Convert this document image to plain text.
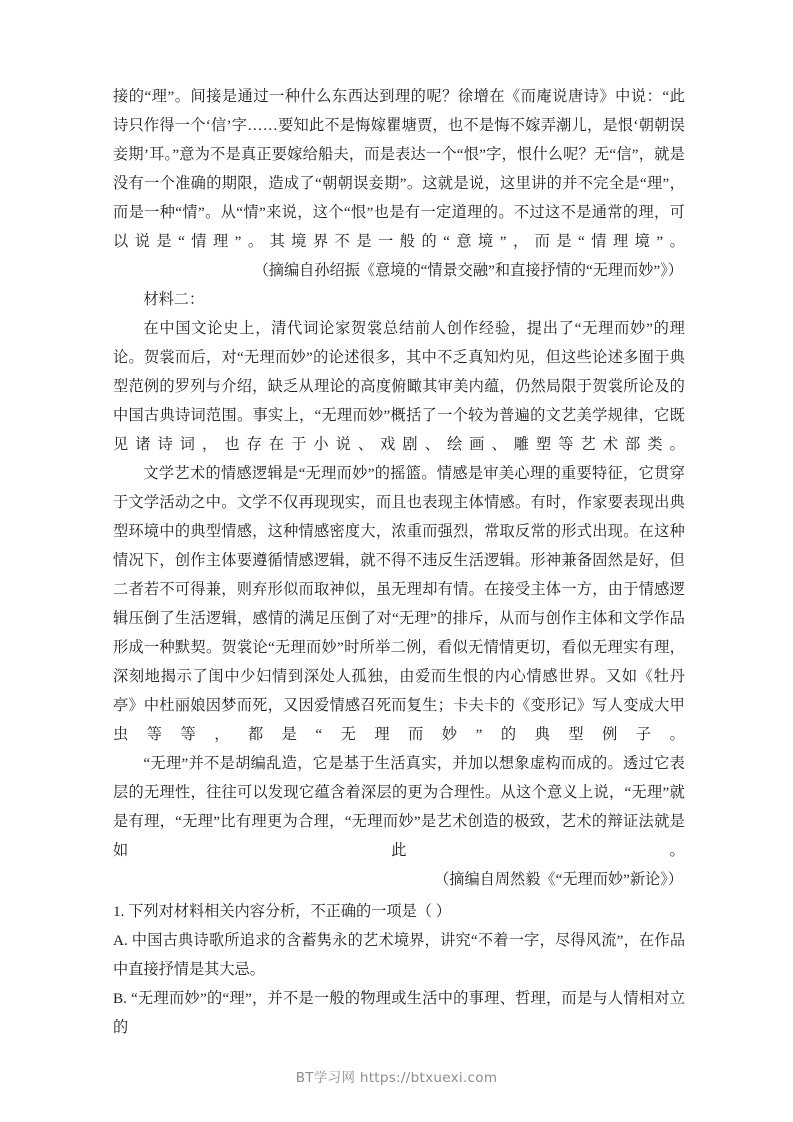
接的“理”。间接是通过一种什么东西达到理的呢？徐增在《而庵说唐诗》中说：“此诗只作得一个‘信’字……要知此不是悔嫁瞿塘贾，也不是悔不嫁弄潮儿，是恨‘朝朝误妾期’耳。”意为不是真正要嫁给船夫，而是表达一个“恨”字，恨什么呢？无“信”，就是没有一个准确的期限，造成了“朝朝误妾期”。这就是说，这里讲的并不完全是“理”，而是一种“情”。从“情”来说，这个“恨”也是有一定道理的。不过这不是通常的理，可以说是“情理”。其境界不是一般的“意境”，而是“情理境”。

（摘编自孙绍振《意境的“情景交融”和直接抒情的“无理而妙”》）

材料二：

在中国文论史上，清代词论家贺裳总结前人创作经验，提出了“无理而妙”的理论。贺裳而后，对“无理而妙”的论述很多，其中不乏真知灼见，但这些论述多囿于典型范例的罗列与介绍，缺乏从理论的高度俯瞰其审美内蕴，仍然局限于贺裳所论及的中国古典诗词范围。事实上，“无理而妙”概括了一个较为普遍的文艺美学规律，它既见诸诗词，也存在于小说、戏剧、绘画、雕塑等艺术部类。

文学艺术的情感逻辑是“无理而妙”的摇篮。情感是审美心理的重要特征，它贯穿于文学活动之中。文学不仅再现现实，而且也表现主体情感。有时，作家要表现出典型环境中的典型情感，这种情感密度大，浓重而强烈，常取反常的形式出现。在这种情况下，创作主体要遵循情感逻辑，就不得不违反生活逻辑。形神兼备固然是好，但二者若不可得兼，则弃形似而取神似，虽无理却有情。在接受主体一方，由于情感逻辑压倒了生活逻辑，感情的满足压倒了对“无理”的排斥，从而与创作主体和文学作品形成一种默契。贺裳论“无理而妙”时所举二例，看似无情情更切，看似无理实有理，深刻地揭示了闺中少妇情到深处人孤独，由爱而生恨的内心情感世界。又如《牡丹亭》中杜丽娘因梦而死，又因爱情感召死而复生；卡夫卡的《变形记》写人变成大甲虫等等，都是“无理而妙”的典型例子。

“无理”并不是胡编乱造，它是基于生活真实，并加以想象虚构而成的。透过它表层的无理性，往往可以发现它蕴含着深层的更为合理性。从这个意义上说，“无理”就是有理，“无理”比有理更为合理，“无理而妙”是艺术创造的极致，艺术的辩证法就是如此。

（摘编自周然毅《“无理而妙”新论》）

1. 下列对材料相关内容分析，不正确的一项是（ ）

A. 中国古典诗歌所追求的含蓄隽永的艺术境界，讲究“不着一字，尽得风流”，在作品中直接抒情是其大忌。

B. “无理而妙”的“理”，并不是一般的物理或生活中的事理、哲理，而是与人情相对立的

BT学习网 https://btxuexi.com
